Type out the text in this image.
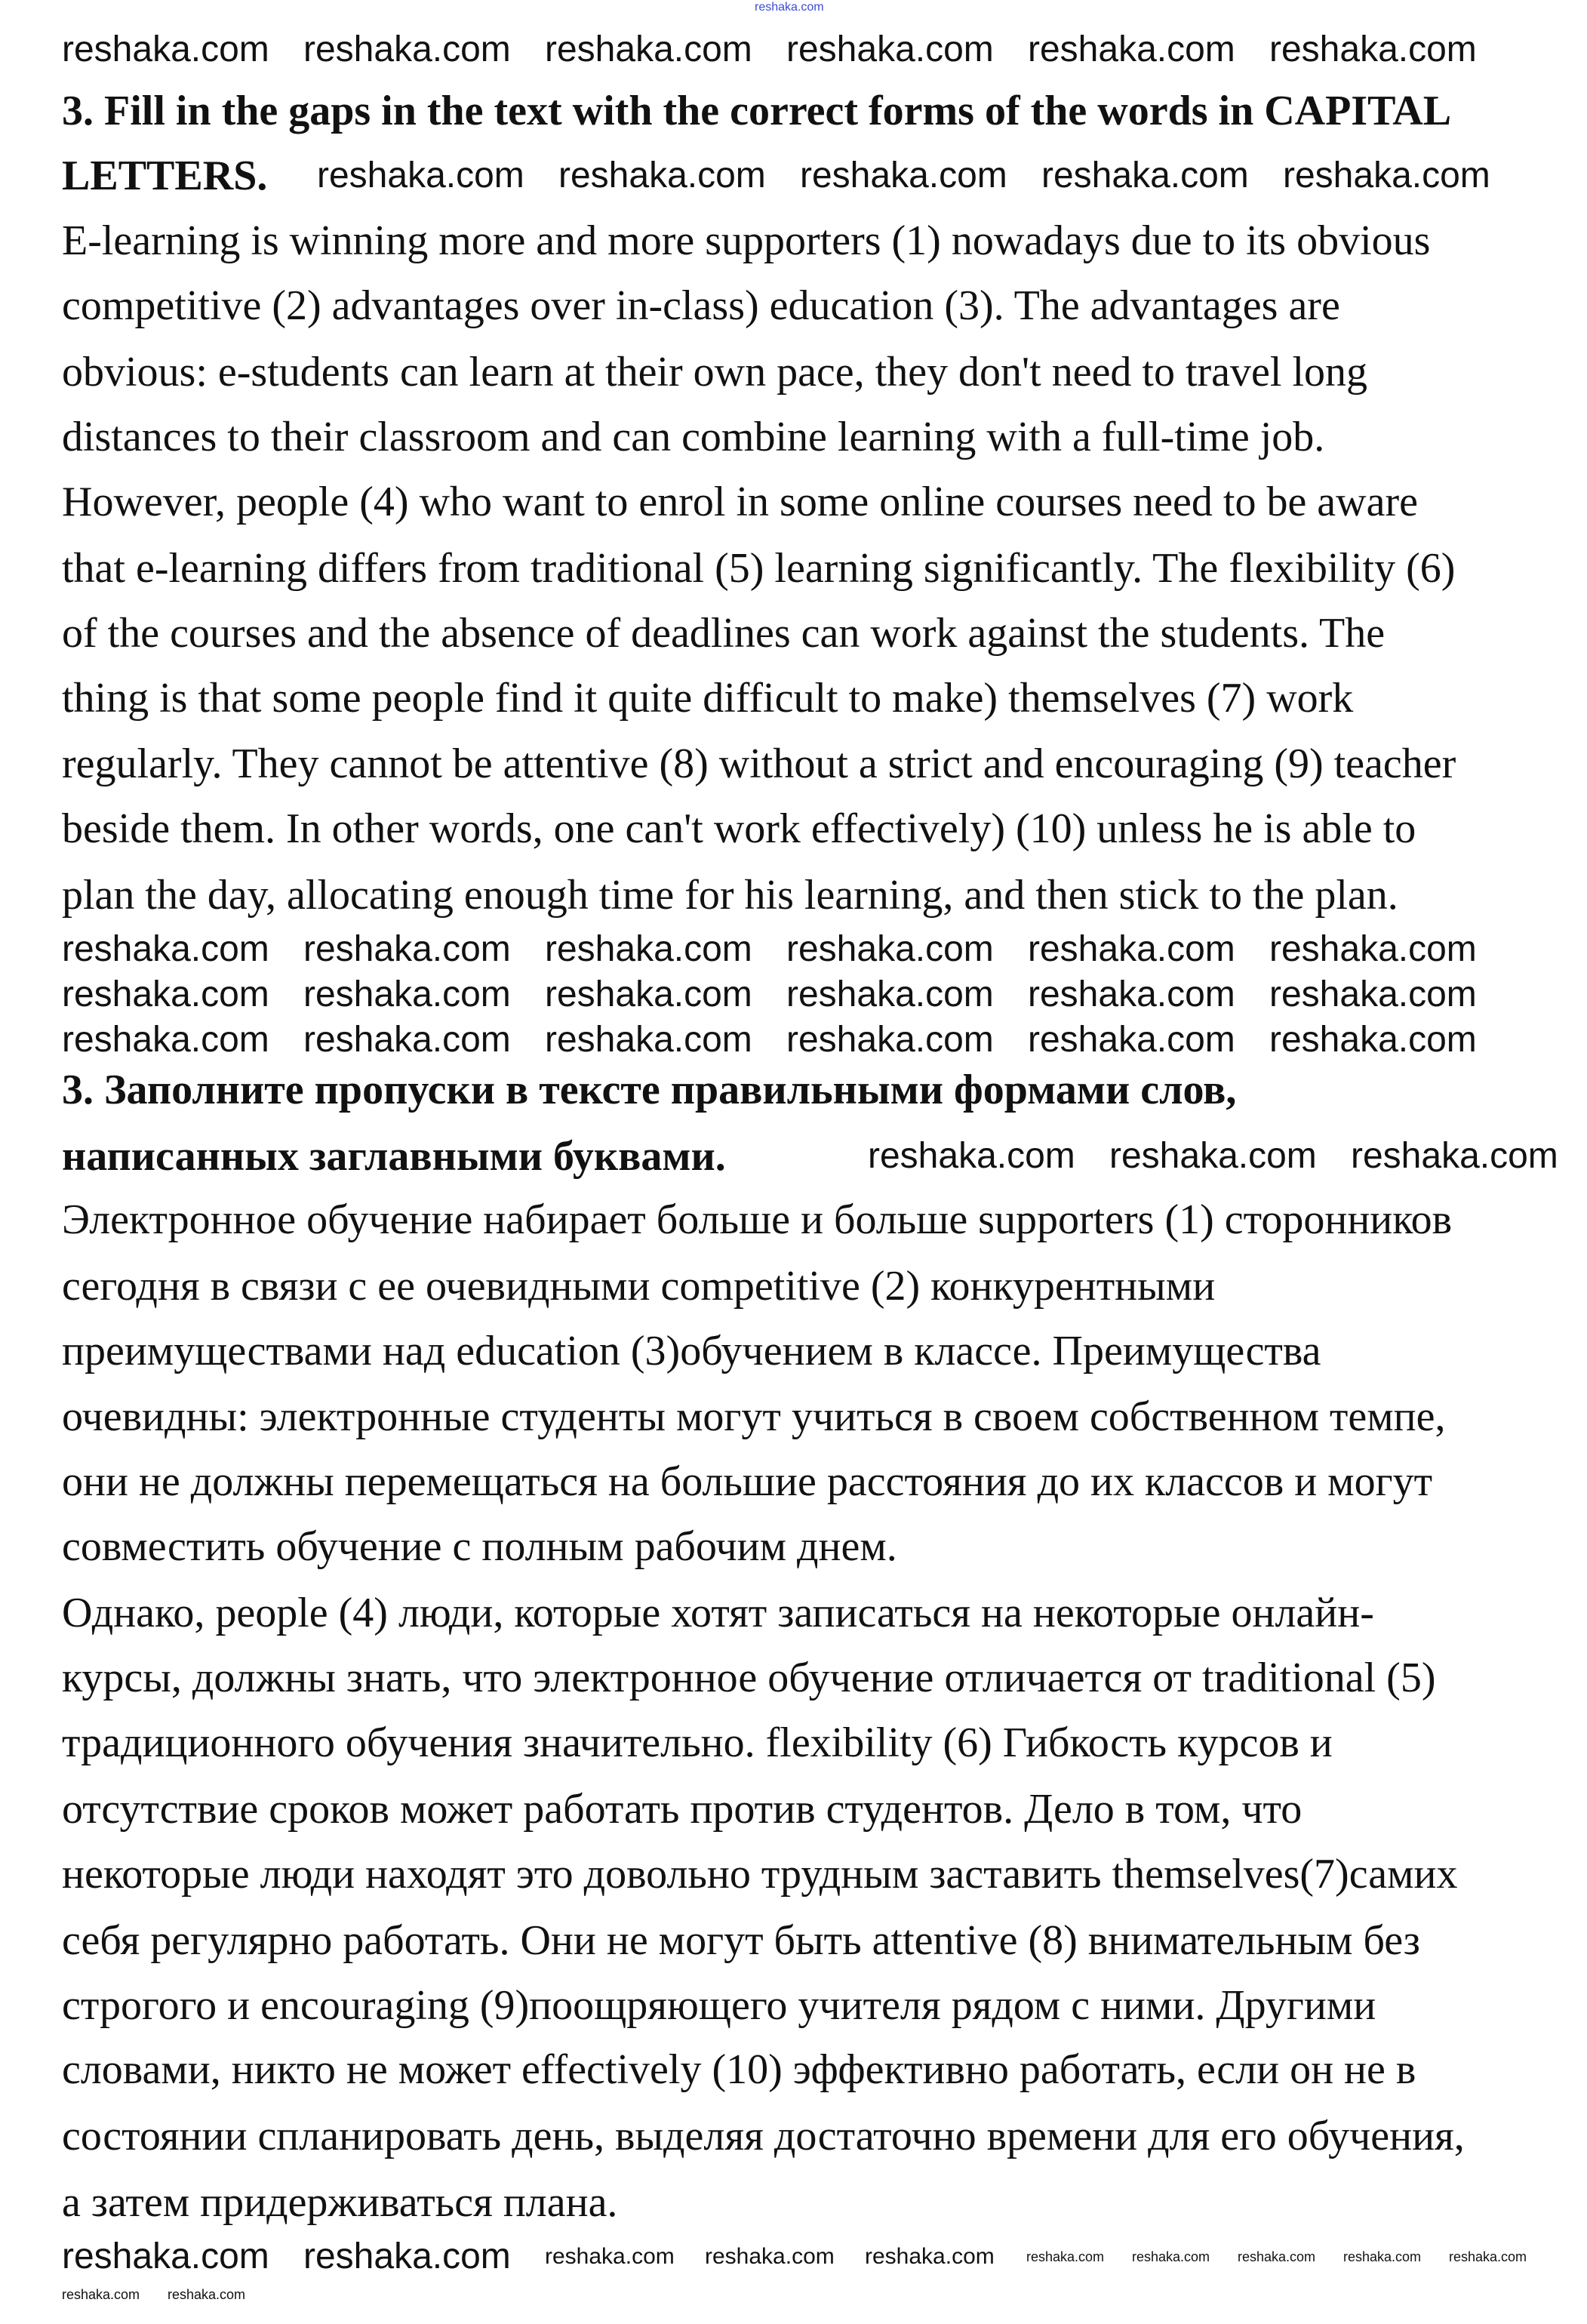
3. Fill in the gaps in the text with the correct forms of the words in CAPITAL
LETTERS.
E-learning is winning more and more supporters (1) nowadays due to its obvious
competitive (2) advantages over in-class) education (3). The advantages are
obvious: e-students can learn at their own pace, they don't need to travel long
distances to their classroom and can combine learning with a full-time job.
However, people (4) who want to enrol in some online courses need to be aware
that e-learning differs from traditional (5) learning significantly. The flexibility (6)
of the courses and the absence of deadlines can work against the students. The
thing is that some people find it quite difficult to make) themselves (7) work
regularly. They cannot be attentive (8) without a strict and encouraging (9) teacher
beside them. In other words, one can't work effectively) (10) unless he is able to
plan the day, allocating enough time for his learning, and then stick to the plan.
3. Заполните пропуски в тексте правильными формами слов,
написанных заглавными буквами.
Электронное обучение набирает больше и больше supporters (1) сторонников
сегодня в связи с ее очевидными competitive (2) конкурентными
преимуществами над education (3)обучением в классе. Преимущества
очевидны: электронные студенты могут учиться в своем собственном темпе,
они не должны перемещаться на большие расстояния до их классов и могут
совместить обучение с полным рабочим днем.
Однако, people (4) люди, которые хотят записаться на некоторые онлайн-
курсы, должны знать, что электронное обучение отличается от traditional (5)
традиционного обучения значительно. flexibility (6) Гибкость курсов и
отсутствие сроков может работать против студентов. Дело в том, что
некоторые люди находят это довольно трудным заставить themselves(7)самих
себя регулярно работать. Они не могут быть attentive (8) внимательным без
строгого и encouraging (9)поощряющего учителя рядом с ними. Другими
словами, никто не может effectively (10) эффективно работать, если он не в
состоянии спланировать день, выделяя достаточно времени для его обучения,
а затем придерживаться плана.
reshaka.com
reshaka.com reshaka.com reshaka.com reshaka.com reshaka.com reshaka.com
reshaka.com reshaka.com reshaka.com reshaka.com reshaka.com
reshaka.com reshaka.com reshaka.com reshaka.com reshaka.com reshaka.com
reshaka.com reshaka.com reshaka.com reshaka.com reshaka.com reshaka.com
reshaka.com reshaka.com reshaka.com reshaka.com reshaka.com reshaka.com
reshaka.com reshaka.com reshaka.com
reshaka.com reshaka.com reshaka.com reshaka.com reshaka.com reshaka.com reshaka.com reshaka.com reshaka.com reshaka.com
reshaka.com reshaka.com
